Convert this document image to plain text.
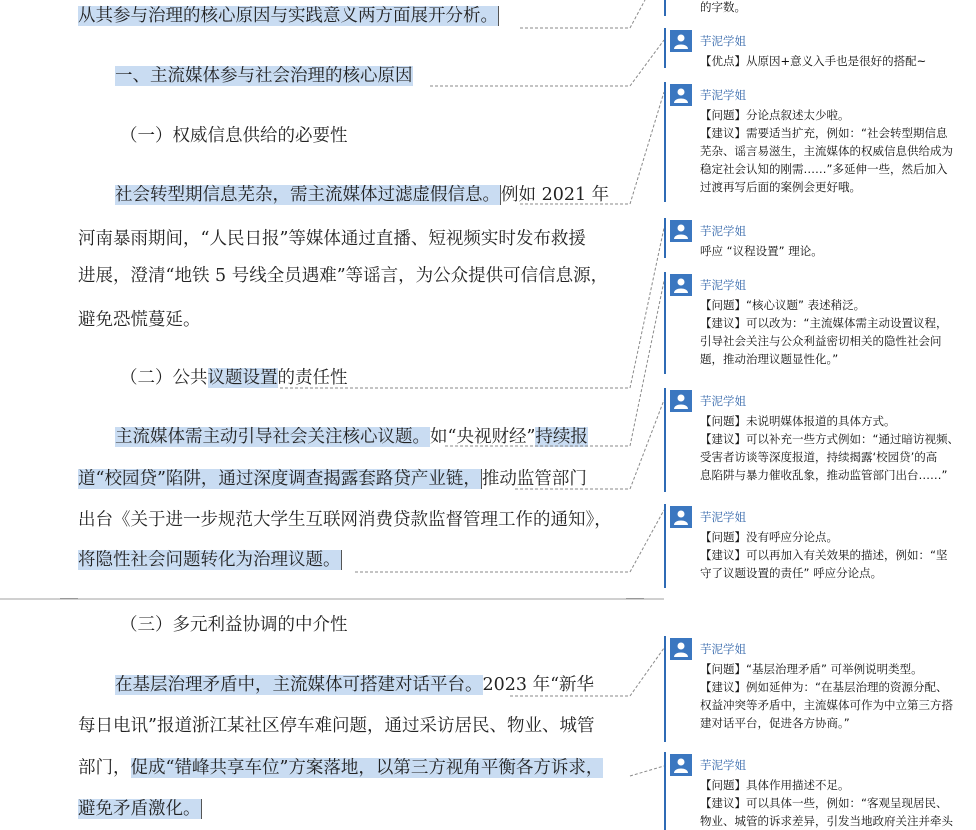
从其参与治理的核心原因与实践意义两方面展开分析。
一、主流媒体参与社会治理的核心原因
（一）权威信息供给的必要性
社会转型期信息芜杂，需主流媒体过滤虚假信息。例如 2021 年
河南暴雨期间，“人民日报”等媒体通过直播、短视频实时发布救援
进展，澄清“地铁 5 号线全员遇难”等谣言，为公众提供可信信息源，
避免恐慌蔓延。
（二）公共议题设置的责任性
主流媒体需主动引导社会关注核心议题。如“央视财经”持续报
道“校园贷”陷阱，通过深度调查揭露套路贷产业链，推动监管部门
出台《关于进一步规范大学生互联网消费贷款监督管理工作的通知》，
将隐性社会问题转化为治理议题。
（三）多元利益协调的中介性
在基层治理矛盾中，主流媒体可搭建对话平台。2023 年“新华
每日电讯”报道浙江某社区停车难问题，通过采访居民、物业、城管
部门，促成“错峰共享车位”方案落地，以第三方视角平衡各方诉求，
避免矛盾激化。
的字数。
芋泥学姐
【优点】从原因+意义入手也是很好的搭配~
芋泥学姐
【问题】分论点叙述太少啦。
【建议】需要适当扩充，例如：“社会转型期信息
芜杂、谣言易滋生，主流媒体的权威信息供给成为
稳定社会认知的刚需……”多延伸一些，然后加入
过渡再写后面的案例会更好哦。
芋泥学姐
呼应 “议程设置” 理论。
芋泥学姐
【问题】“核心议题” 表述稍泛。
【建议】可以改为：“主流媒体需主动设置议程，
引导社会关注与公众利益密切相关的隐性社会问
题，推动治理议题显性化。”
芋泥学姐
【问题】未说明媒体报道的具体方式。
【建议】可以补充一些方式例如：“通过暗访视频、
受害者访谈等深度报道，持续揭露‘校园贷’的高
息陷阱与暴力催收乱象，推动监管部门出台……”
芋泥学姐
【问题】没有呼应分论点。
【建议】可以再加入有关效果的描述，例如：“坚
守了议题设置的责任” 呼应分论点。
芋泥学姐
【问题】“基层治理矛盾” 可举例说明类型。
【建议】例如延伸为：“在基层治理的资源分配、
权益冲突等矛盾中，主流媒体可作为中立第三方搭
建对话平台，促进各方协商。”
芋泥学姐
【问题】具体作用描述不足。
【建议】可以具体一些，例如：“客观呈现居民、
物业、城管的诉求差异，引发当地政府关注并牵头
